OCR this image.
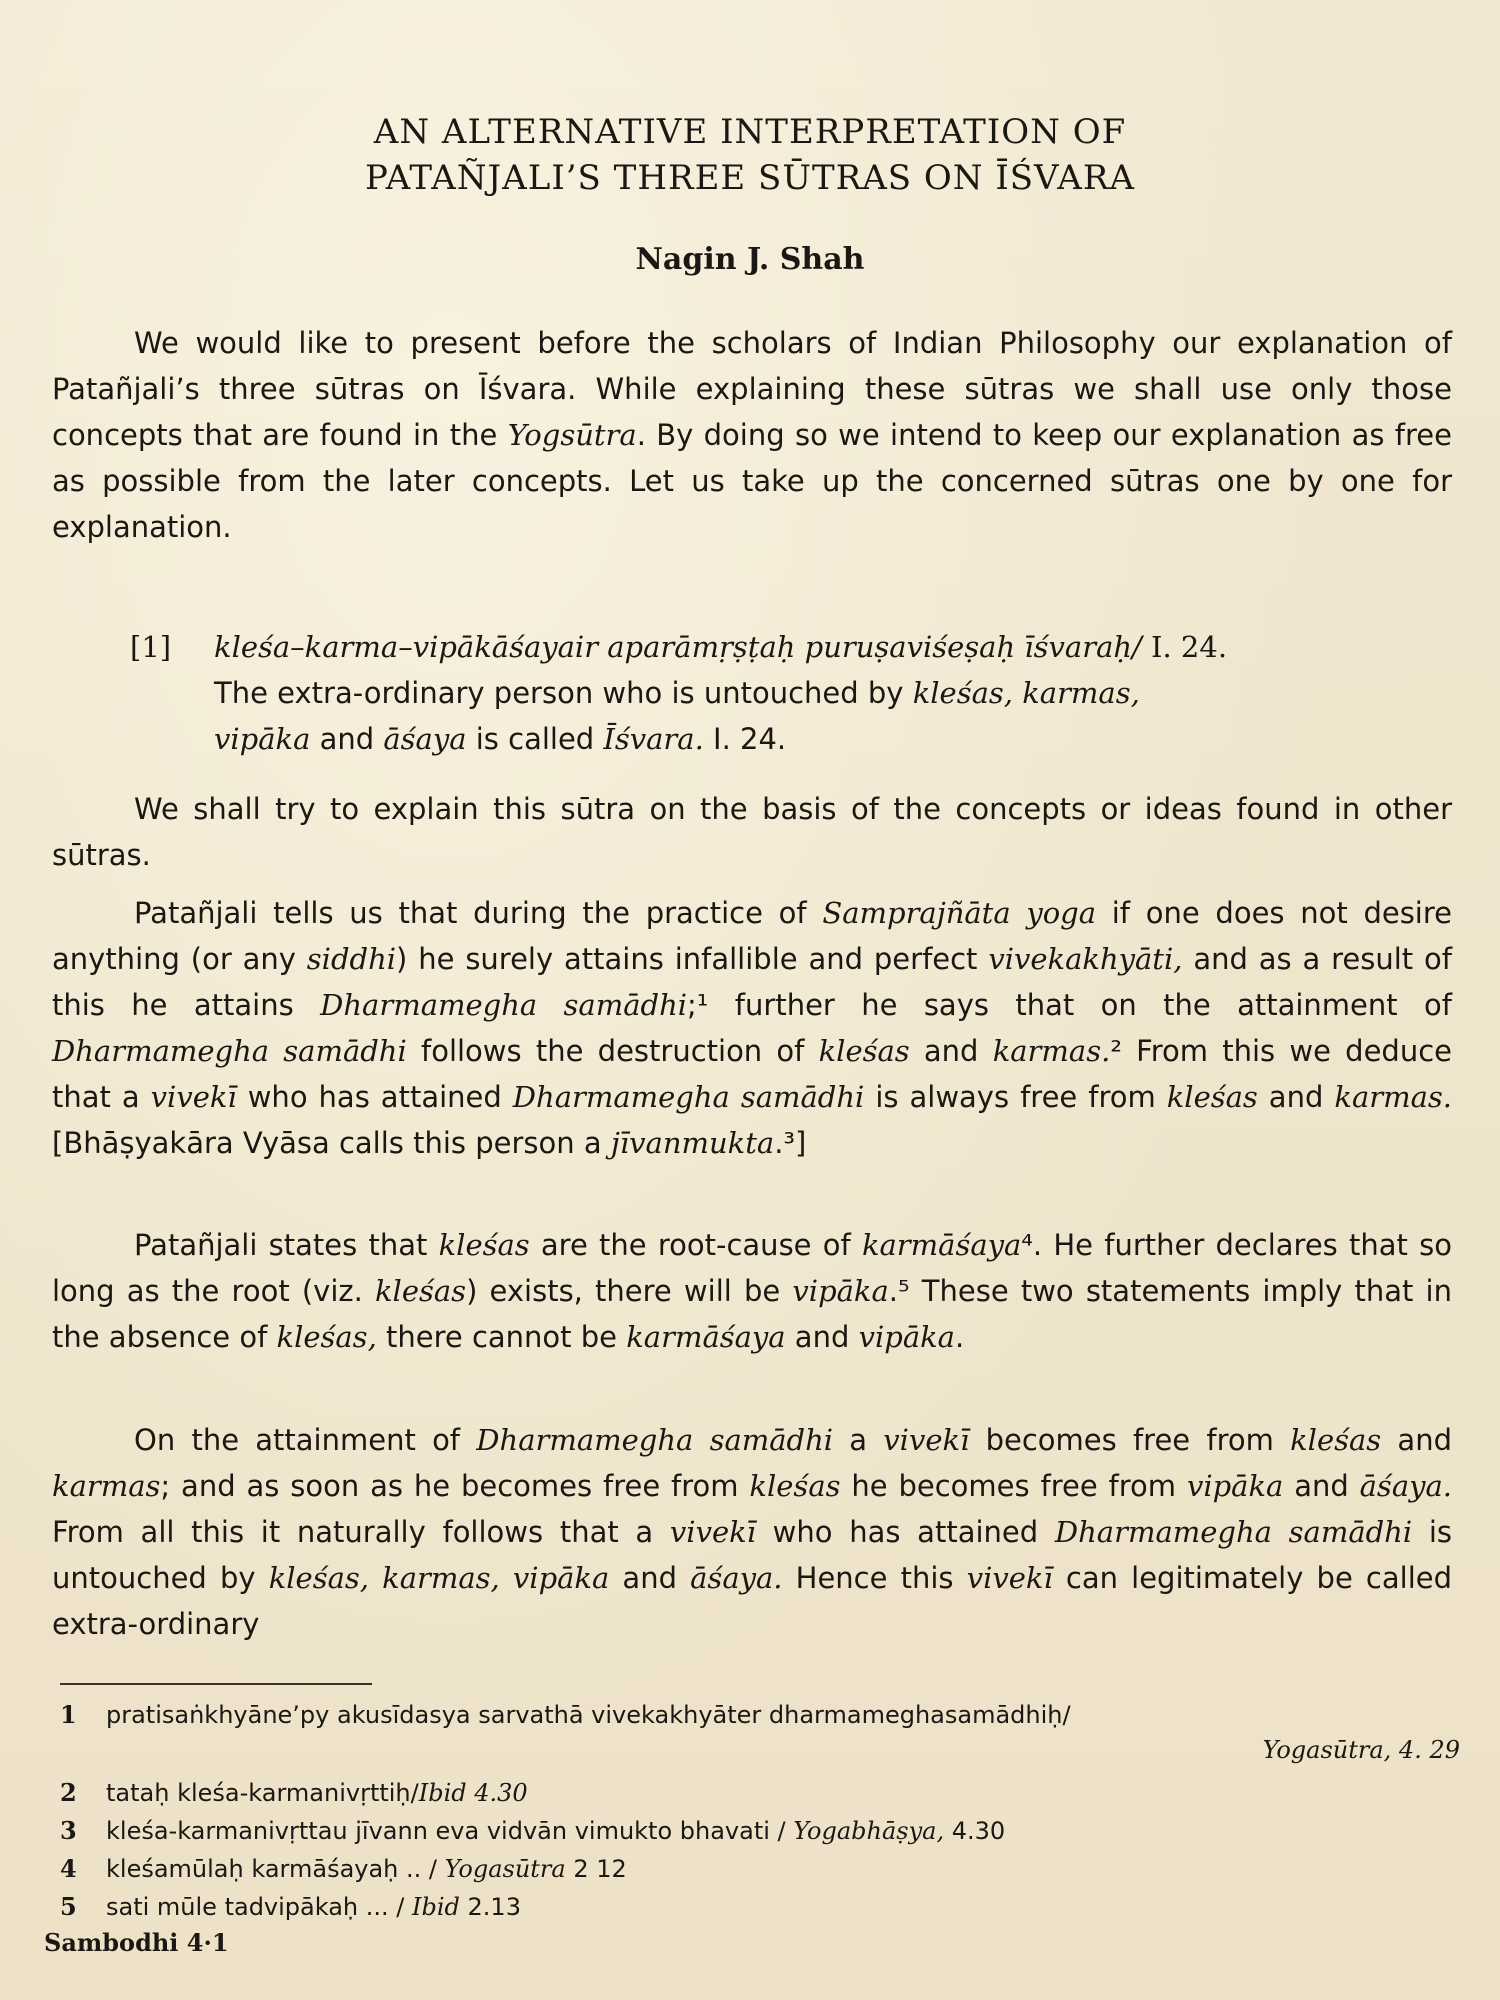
AN ALTERNATIVE INTERPRETATION OF
PATAÑJALI’S THREE SŪTRAS ON ĪŚVARA
Nagin J. Shah

We would like to present before the scholars of Indian Philosophy our explanation of Patañjali’s three sūtras on Īśvara. While explaining these sūtras we shall use only those concepts that are found in the Yogsūtra. By doing so we intend to keep our explanation as free as possible from the later concepts. Let us take up the concerned sūtras one by one for explanation.

[1] kleśa–karma–vipākāśayair aparāmṛṣṭaḥ puruṣaviśeṣaḥ īśvaraḥ/ I. 24.
The extra-ordinary person who is untouched by kleśas, karmas,
vipāka and āśaya is called Īśvara. I. 24.

We shall try to explain this sūtra on the basis of the concepts or ideas found in other sūtras.

Patañjali tells us that during the practice of Samprajñāta yoga if one does not desire anything (or any siddhi) he surely attains infallible and perfect vivekakhyāti, and as a result of this he attains Dharmamegha samādhi;¹ further he says that on the attainment of Dharmamegha samādhi follows the destruction of kleśas and karmas.² From this we deduce that a vivekī who has attained Dharmamegha samādhi is always free from kleśas and karmas. [Bhāṣyakāra Vyāsa calls this person a jīvanmukta.³]

Patañjali states that kleśas are the root-cause of karmāśaya⁴. He further declares that so long as the root (viz. kleśas) exists, there will be vipāka.⁵ These two statements imply that in the absence of kleśas, there cannot be karmāśaya and vipāka.

On the attainment of Dharmamegha samādhi a vivekī becomes free from kleśas and karmas; and as soon as he becomes free from kleśas he becomes free from vipāka and āśaya. From all this it naturally follows that a vivekī who has attained Dharmamegha samādhi is untouched by kleśas, karmas, vipāka and āśaya. Hence this vivekī can legitimately be called extra-ordinary

1 pratisaṅkhyāne’py akusīdasya sarvathā vivekakhyāter dharmameghasamādhiḥ/
Yogasūtra, 4. 29
2 tataḥ kleśa-karmanivṛttiḥ/Ibid 4.30
3 kleśa-karmanivṛttau jīvann eva vidvān vimukto bhavati / Yogabhāṣya, 4.30
4 kleśamūlaḥ karmāśayaḥ .. / Yogasūtra 2 12
5 sati mūle tadvipākaḥ ... / Ibid 2.13
Sambodhi 4·1
